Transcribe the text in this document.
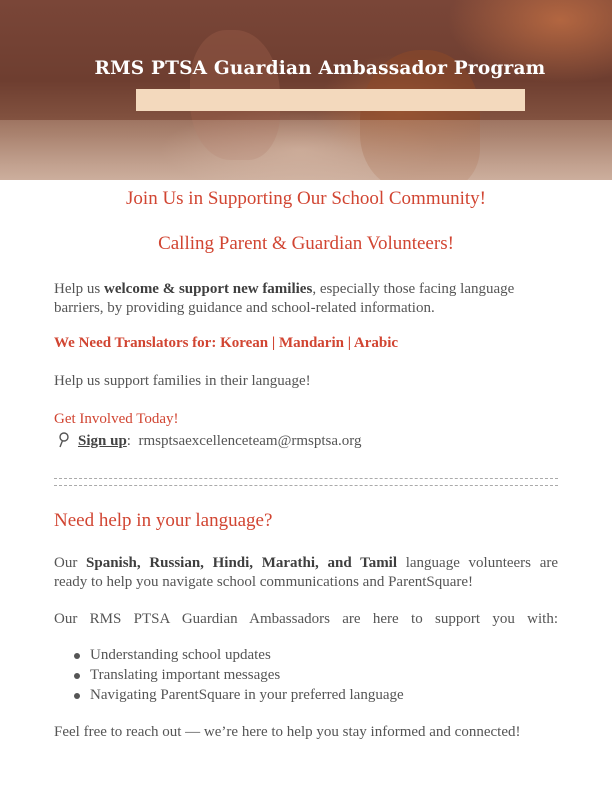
RMS PTSA Guardian Ambassador Program
Join Us in Supporting Our School Community!
Calling Parent & Guardian Volunteers!
Help us welcome & support new families, especially those facing language barriers, by providing guidance and school-related information.
We Need Translators for: Korean | Mandarin | Arabic
Help us support families in their language!
Get Involved Today!
Sign up: rmsptsaexcellenceteam@rmsptsa.org
Need help in your language?
Our Spanish, Russian, Hindi, Marathi, and Tamil language volunteers are
ready to help you navigate school communications and ParentSquare!
Our RMS PTSA Guardian Ambassadors are here to support you with:
Understanding school updates
Translating important messages
Navigating ParentSquare in your preferred language
Feel free to reach out — we’re here to help you stay informed and connected!
